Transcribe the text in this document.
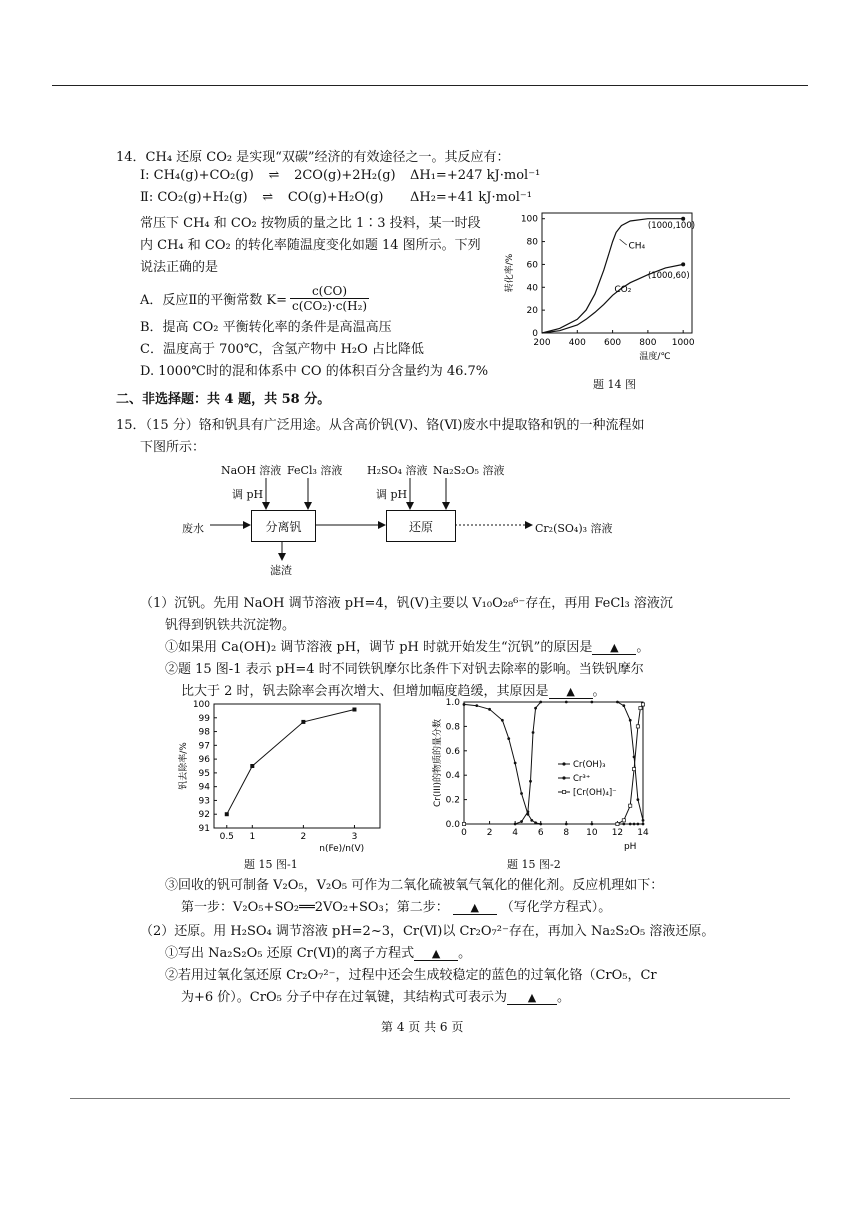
14．CH₄ 还原 CO₂ 是实现“双碳”经济的有效途径之一。其反应有：
Ⅰ: CH₄(g)+CO₂(g) ⇌ 2CO(g)+2H₂(g) ΔH₁=+247 kJ·mol⁻¹
Ⅱ: CO₂(g)+H₂(g) ⇌ CO(g)+H₂O(g) ΔH₂=+41 kJ·mol⁻¹
常压下 CH₄ 和 CO₂ 按物质的量之比 1∶3 投料，某一时段
内 CH₄ 和 CO₂ 的转化率随温度变化如题 14 图所示。下列
说法正确的是
A．反应Ⅱ的平衡常数 $K= \frac{c(CO)}{\text{c(CO₂)·c(H₂)}}$
B．提高 CO₂ 平衡转化率的条件是高温高压
C．温度高于 700℃，含氢产物中 H₂O 占比降低
D. 1000℃时的混和体系中 CO 的体积百分含量约为 46.7%
200 400 600 800 1000
0
20
40
60
80
100
温度/℃
转化率/%
CH₄
CO₂
(1000,100)
(1000,60)
题 14 图
二、非选择题：共 4 题，共 58 分。
15．（15 分）铬和钒具有广泛用途。从含高价钒(Ⅴ)、铬(Ⅵ)废水中提取铬和钒的一种流程如
下图所示：
NaOH 溶液 FeCl₃ 溶液
调 pH
H₂SO₄ 溶液 Na₂S₂O₅ 溶液
调 pH
废水	分离钒	还原	Cr₂(SO₄)₃ 溶液
滤渣
（1）沉钒。先用 NaOH 调节溶液 pH=4，钒(Ⅴ)主要以 V₁₀O₂₈⁶⁻存在，再用 FeCl₃ 溶液沉
钒得到钒铁共沉淀物。
①如果用 Ca(OH)₂ 调节溶液 pH，调节 pH 时就开始发生“沉钒”的原因是 ▲ 。
②题 15 图-1 表示 pH=4 时不同铁钒摩尔比条件下对钒去除率的影响。当铁钒摩尔
比大于 2 时，钒去除率会再次增大、但增加幅度趋缓，其原因是 ▲ 。
0.5 1	2	3
91
92
93
94
95
96
97
98
99
100
n(Fe)/n(V)
钒去除率/%
题 15 图-1
0 2 4 6 8 10 12 14
0.0
0.2
0.4
0.6
0.8
1.0
pH
Cr(III)的物质的量分数	Cr(OH)₃
Cr³⁺
[Cr(OH)₄]⁻
题 15 图-2
③回收的钒可制备 V₂O₅，V₂O₅ 可作为二氧化硫被氧气氧化的催化剂。反应机理如下：
第一步：V₂O₅+SO₂══2VO₂+SO₃；第二步： ▲ （写化学方程式）。
（2）还原。用 H₂SO₄ 调节溶液 pH=2~3，Cr(Ⅵ)以 Cr₂O₇²⁻存在，再加入 Na₂S₂O₅ 溶液还原。
①写出 Na₂S₂O₅ 还原 Cr(Ⅵ)的离子方程式 ▲ 。
②若用过氧化氢还原 Cr₂O₇²⁻，过程中还会生成较稳定的蓝色的过氧化铬（CrO₅，Cr
为+6 价）。CrO₅ 分子中存在过氧键，其结构式可表示为 ▲ 。
第 4 页 共 6 页
